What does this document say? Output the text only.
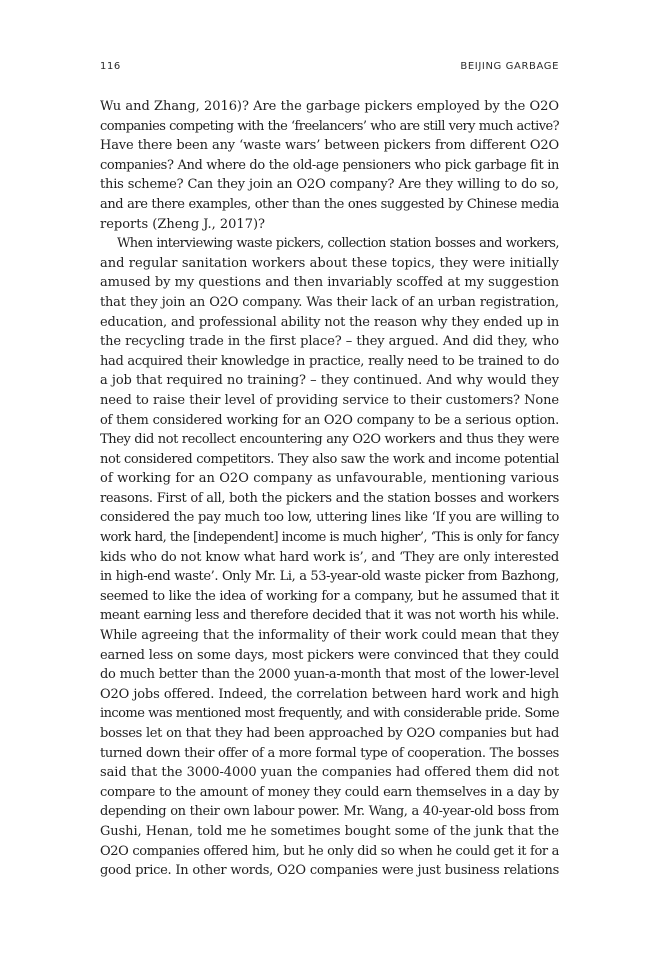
116	BEIJING GARBAGE
Wu and Zhang, 2016)? Are the garbage pickers employed by the O2O
companies competing with the ‘freelancers’ who are still very much active?
Have there been any ‘waste wars’ between pickers from different O2O
companies? And where do the old-age pensioners who pick garbage fit in
this scheme? Can they join an O2O company? Are they willing to do so,
and are there examples, other than the ones suggested by Chinese media
reports (Zheng J., 2017)?
When interviewing waste pickers, collection station bosses and workers,
and regular sanitation workers about these topics, they were initially
amused by my questions and then invariably scoffed at my suggestion
that they join an O2O company. Was their lack of an urban registration,
education, and professional ability not the reason why they ended up in
the recycling trade in the first place? – they argued. And did they, who
had acquired their knowledge in practice, really need to be trained to do
a job that required no training? – they continued. And why would they
need to raise their level of providing service to their customers? None
of them considered working for an O2O company to be a serious option.
They did not recollect encountering any O2O workers and thus they were
not considered competitors. They also saw the work and income potential
of working for an O2O company as unfavourable, mentioning various
reasons. First of all, both the pickers and the station bosses and workers
considered the pay much too low, uttering lines like ‘If you are willing to
work hard, the [independent] income is much higher’, ‘This is only for fancy
kids who do not know what hard work is’, and ‘They are only interested
in high-end waste’. Only Mr. Li, a 53-year-old waste picker from Bazhong,
seemed to like the idea of working for a company, but he assumed that it
meant earning less and therefore decided that it was not worth his while.
While agreeing that the informality of their work could mean that they
earned less on some days, most pickers were convinced that they could
do much better than the 2000 yuan-a-month that most of the lower-level
O2O jobs offered. Indeed, the correlation between hard work and high
income was mentioned most frequently, and with considerable pride. Some
bosses let on that they had been approached by O2O companies but had
turned down their offer of a more formal type of cooperation. The bosses
said that the 3000-4000 yuan the companies had offered them did not
compare to the amount of money they could earn themselves in a day by
depending on their own labour power. Mr. Wang, a 40-year-old boss from
Gushi, Henan, told me he sometimes bought some of the junk that the
O2O companies offered him, but he only did so when he could get it for a
good price. In other words, O2O companies were just business relations
